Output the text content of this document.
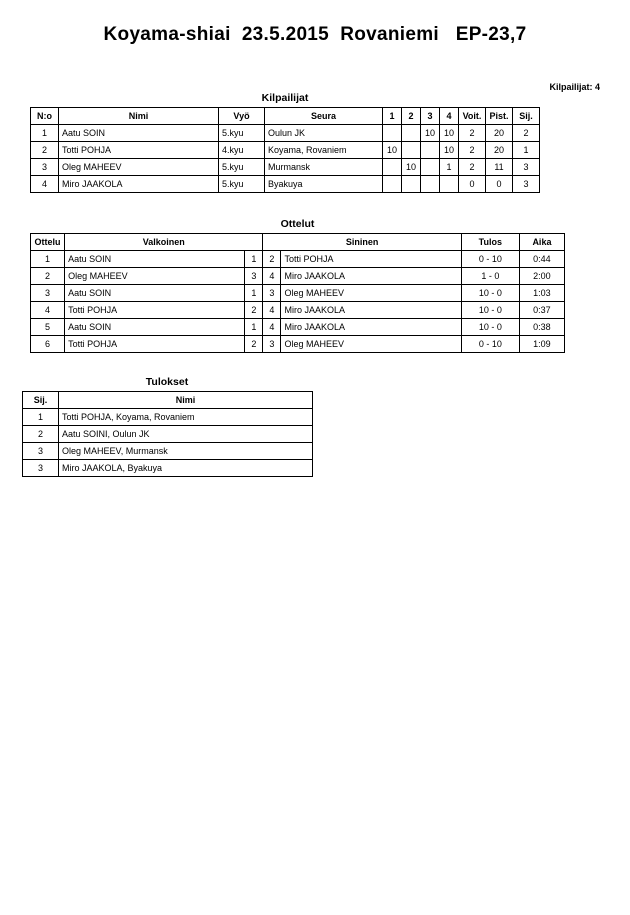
Koyama-shiai  23.5.2015  Rovaniemi   EP-23,7
Kilpailijat: 4
Kilpailijat
N:o	Nimi	Vyö	Seura	1	2	3	4	Voit.	Pist.	Sij.
1	Aatu SOIN	5.kyu	Oulun JK			10	10	2	20	2
2	Totti POHJA	4.kyu	Koyama, Rovaniem	10			10	2	20	1
3	Oleg MAHEEV	5.kyu	Murmansk		10		1	2	11	3
4	Miro JAAKOLA	5.kyu	Byakuya					0	0	3
Ottelut
Ottelu	Valkoinen		Sininen		Tulos	Aika
1	Aatu SOIN	1	2	Totti POHJA	0 - 10	0:44
2	Oleg MAHEEV	3	4	Miro JAAKOLA	1 - 0	2:00
3	Aatu SOIN	1	3	Oleg MAHEEV	10 - 0	1:03
4	Totti POHJA	2	4	Miro JAAKOLA	10 - 0	0:37
5	Aatu SOIN	1	4	Miro JAAKOLA	10 - 0	0:38
6	Totti POHJA	2	3	Oleg MAHEEV	0 - 10	1:09
Tulokset
Sij.	Nimi
1	Totti POHJA, Koyama, Rovaniem
2	Aatu SOINI, Oulun JK
3	Oleg MAHEEV, Murmansk
3	Miro JAAKOLA, Byakuya
